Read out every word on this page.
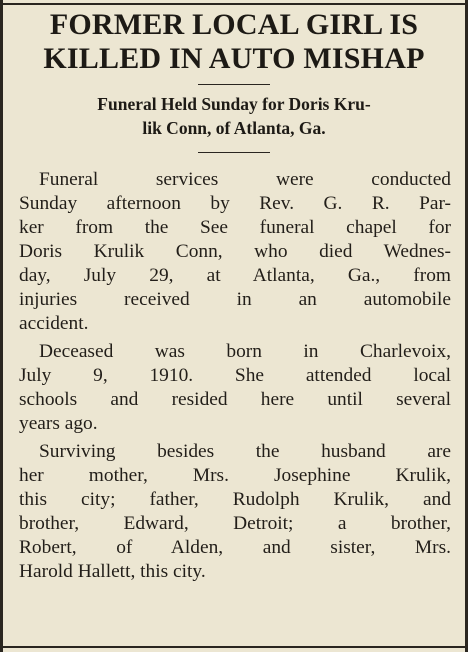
FORMER LOCAL GIRL IS
KILLED IN AUTO MISHAP
Funeral Held Sunday for Doris Kru-
lik Conn, of Atlanta, Ga.
Funeral services were conducted
Sunday afternoon by Rev. G. R. Par-
ker from the See funeral chapel for
Doris Krulik Conn, who died Wednes-
day, July 29, at Atlanta, Ga., from
injuries received in an automobile
accident.
Deceased was born in Charlevoix,
July 9, 1910. She attended local
schools and resided here until several
years ago.
Surviving besides the husband are
her mother, Mrs. Josephine Krulik,
this city; father, Rudolph Krulik, and
brother, Edward, Detroit; a brother,
Robert, of Alden, and sister, Mrs.
Harold Hallett, this city.
